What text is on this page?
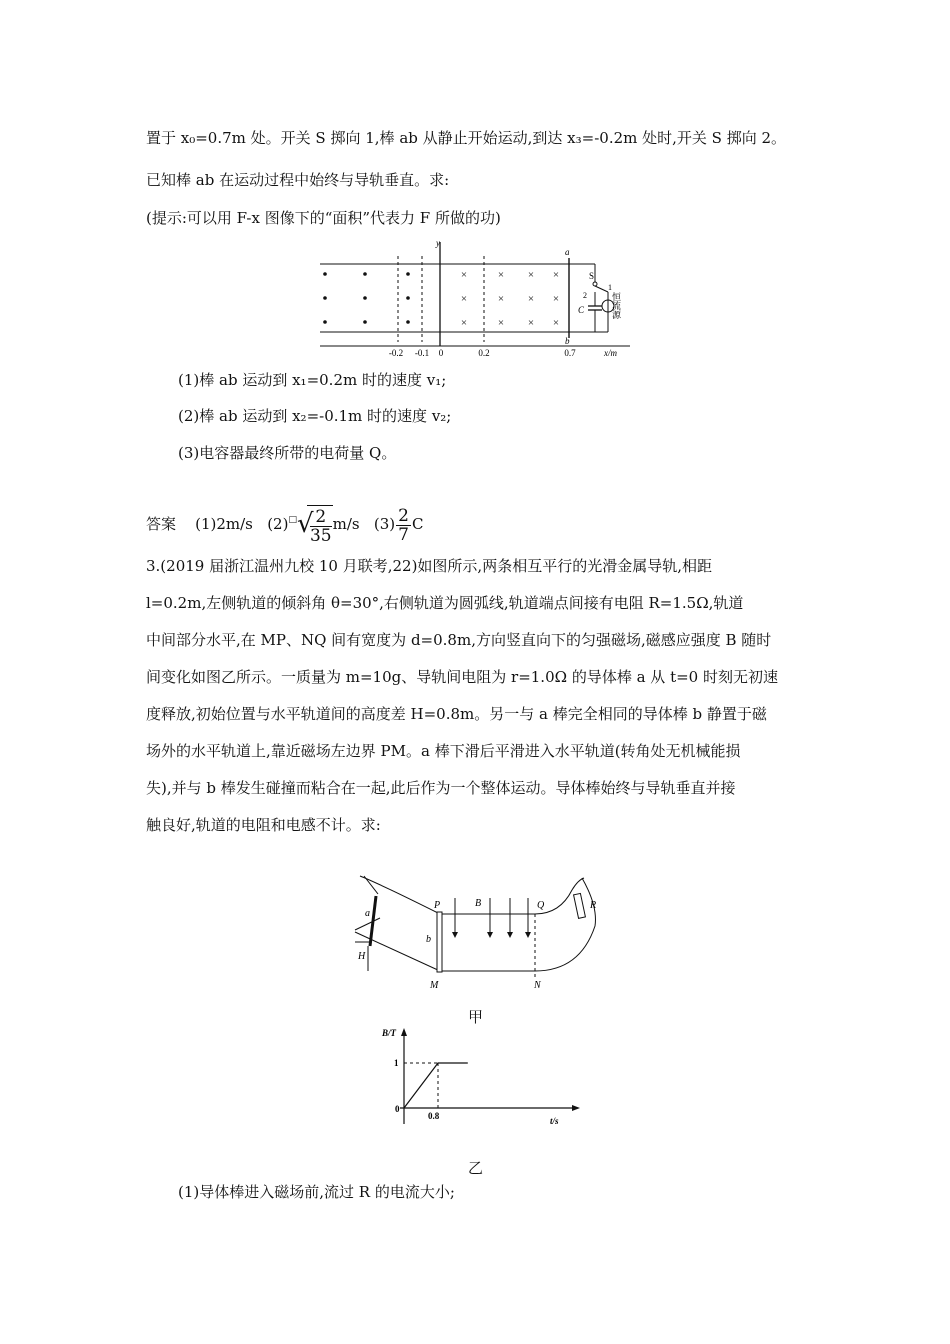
置于 x₀=0.7m 处。开关 S 掷向 1,棒 ab 从静止开始运动,到达 x₃=-0.2m 处时,开关 S 掷向 2。
已知棒 ab 在运动过程中始终与导轨垂直。求:
(提示:可以用 F-x 图像下的“面积”代表力 F 所做的功)
y
x/m
×	× × ×
×	× × ×
×	× × ×
a
b
S
1
2
C	恒流源
-0.2 -0.1 0	0.2	0.7
(1)棒 ab 运动到 x₁=0.2m 时的速度 v₁;
(2)棒 ab 运动到 x₂=-0.1m 时的速度 v₂;
(3)电容器最终所带的电荷量 Q。
答案 (1)2m/s (2)□ √
$\frac{2}{35} m/s$ $(3) \frac{2}{7}$ C
3.(2019 届浙江温州九校 10 月联考,22)如图所示,两条相互平行的光滑金属导轨,相距
l=0.2m,左侧轨道的倾斜角 θ=30°,右侧轨道为圆弧线,轨道端点间接有电阻 R=1.5Ω,轨道
中间部分水平,在 MP、NQ 间有宽度为 d=0.8m,方向竖直向下的匀强磁场,磁感应强度 B 随时
间变化如图乙所示。一质量为 m=10g、导轨间电阻为 r=1.0Ω 的导体棒 a 从 t=0 时刻无初速
度释放,初始位置与水平轨道间的高度差 H=0.8m。另一与 a 棒完全相同的导体棒 b 静置于磁
场外的水平轨道上,靠近磁场左边界 PM。a 棒下滑后平滑进入水平轨道(转角处无机械能损
失),并与 b 棒发生碰撞而粘合在一起,此后作为一个整体运动。导体棒始终与导轨垂直并接
触良好,轨道的电阻和电感不计。求:
a
H
b
P
M
B	Q
N
R
甲
B/T
t/s
0
1
0.8
乙
(1)导体棒进入磁场前,流过 R 的电流大小;
